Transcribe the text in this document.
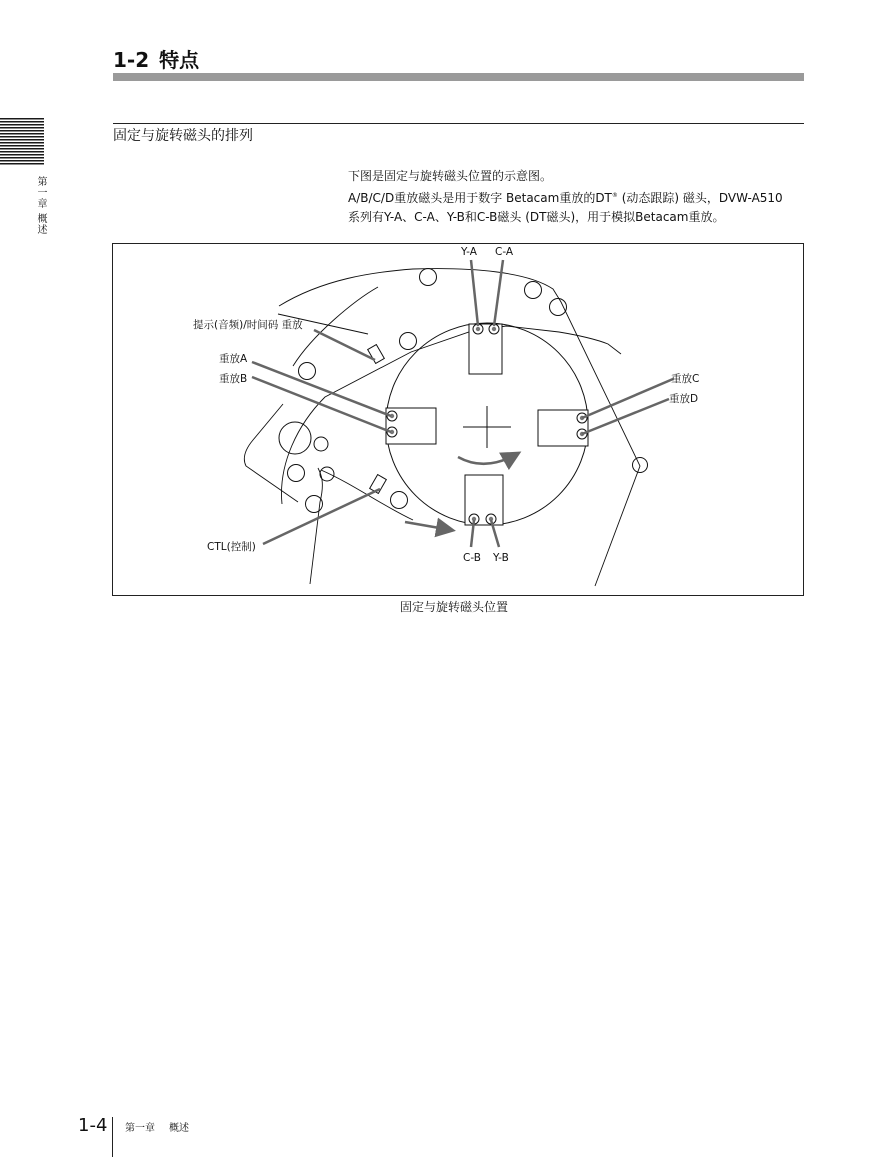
1-2 特点
第一章 概述
固定与旋转磁头的排列

下图是固定与旋转磁头位置的示意图。

A/B/C/D重放磁头是用于数字 Betacam重放的DT® (动态跟踪) 磁头，DVW-A510

系列有Y-A、C-A、Y-B和C-B磁头 (DT磁头)，用于模拟Betacam重放。

Y-A C-A
提示(音频)/时间码 重放
重放A
重放B	重放C
重放D
CTL(控制)
C-B Y-B
固定与旋转磁头位置
1-4 第一章 概述
